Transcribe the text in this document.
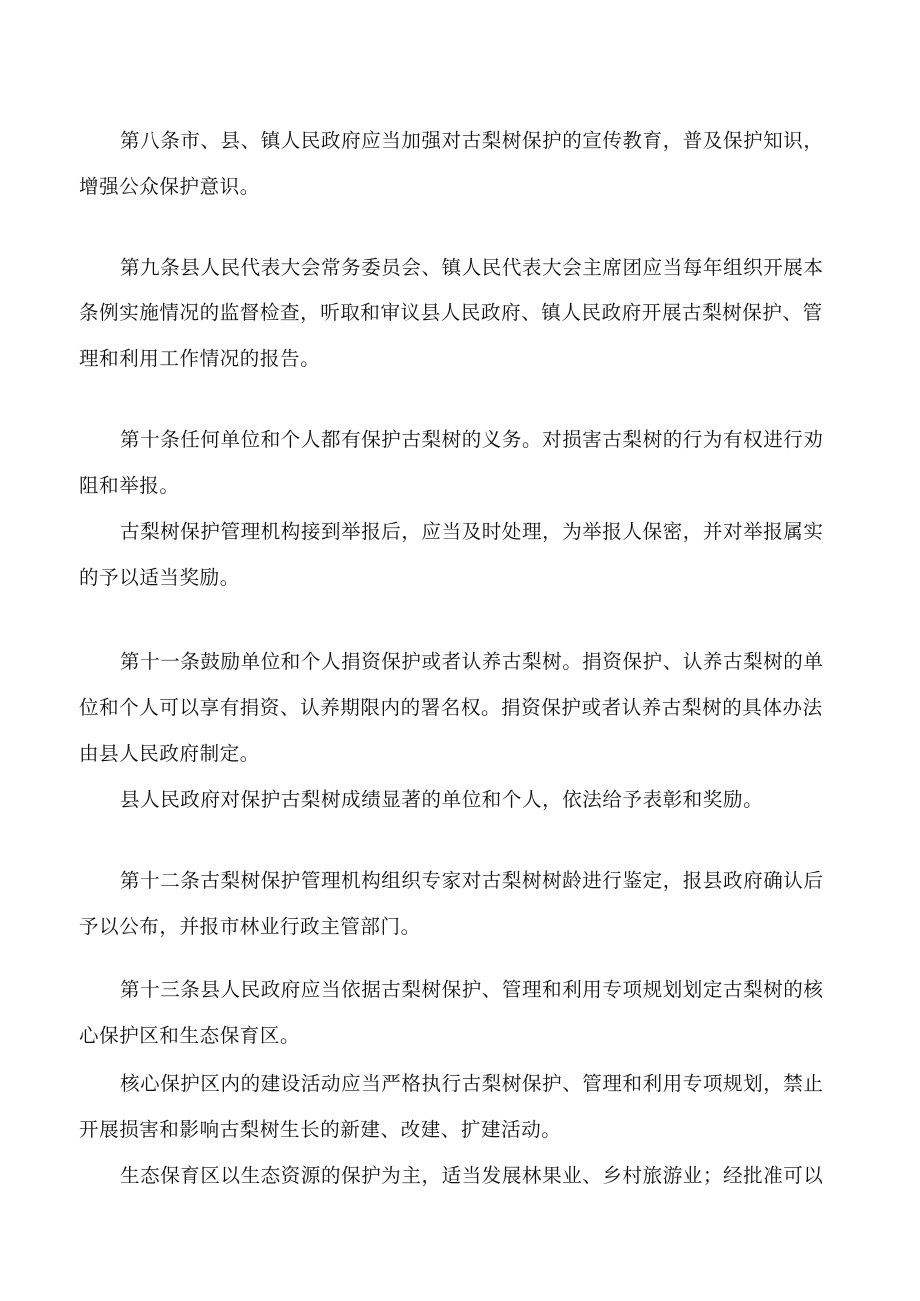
第八条市、县、镇人民政府应当加强对古梨树保护的宣传教育，普及保护知识，
增强公众保护意识。
第九条县人民代表大会常务委员会、镇人民代表大会主席团应当每年组织开展本
条例实施情况的监督检查，听取和审议县人民政府、镇人民政府开展古梨树保护、管
理和利用工作情况的报告。
第十条任何单位和个人都有保护古梨树的义务。对损害古梨树的行为有权进行劝
阻和举报。
古梨树保护管理机构接到举报后，应当及时处理，为举报人保密，并对举报属实
的予以适当奖励。
第十一条鼓励单位和个人捐资保护或者认养古梨树。捐资保护、认养古梨树的单
位和个人可以享有捐资、认养期限内的署名权。捐资保护或者认养古梨树的具体办法
由县人民政府制定。
县人民政府对保护古梨树成绩显著的单位和个人，依法给予表彰和奖励。
第十二条古梨树保护管理机构组织专家对古梨树树龄进行鉴定，报县政府确认后
予以公布，并报市林业行政主管部门。
第十三条县人民政府应当依据古梨树保护、管理和利用专项规划划定古梨树的核
心保护区和生态保育区。
核心保护区内的建设活动应当严格执行古梨树保护、管理和利用专项规划，禁止
开展损害和影响古梨树生长的新建、改建、扩建活动。
生态保育区以生态资源的保护为主，适当发展林果业、乡村旅游业；经批准可以
